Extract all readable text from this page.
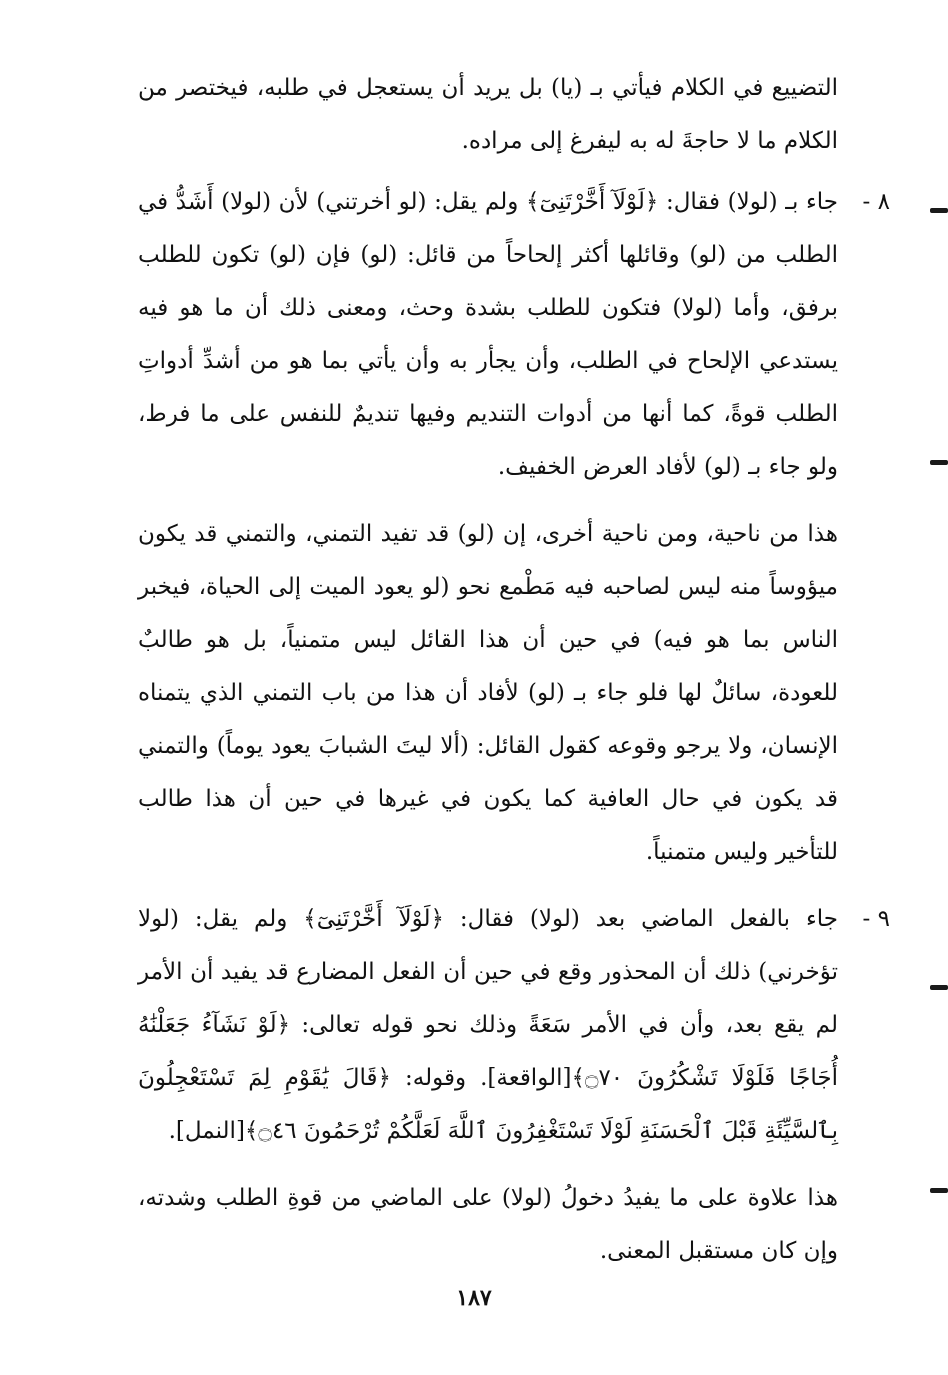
التضييع في الكلام فيأتي بـ (يا) بل يريد أن يستعجل في طلبه، فيختصر من الكلام ما لا حاجةَ له به ليفرغ إلى مراده.

٨ -

جاء بـ (لولا) فقال: ﴿لَوْلَآ أَخَّرْتَنِىٓ﴾ ولم يقل: (لو أخرتني) لأن (لولا) أَشَدُّ في الطلب من (لو) وقائلها أكثر إلحاحاً من قائل: (لو) فإن (لو) تكون للطلب برفق، وأما (لولا) فتكون للطلب بشدة وحث، ومعنى ذلك أن ما هو فيه يستدعي الإلحاح في الطلب، وأن يجأر به وأن يأتي بما هو من أشدِّ أدواتِ الطلب قوةً، كما أنها من أدوات التنديم وفيها تنديمٌ للنفس على ما فرط، ولو جاء بـ (لو) لأفاد العرض الخفيف.

هذا من ناحية، ومن ناحية أخرى، إن (لو) قد تفيد التمني، والتمني قد يكون ميؤوساً منه ليس لصاحبه فيه مَطْمع نحو (لو يعود الميت إلى الحياة، فيخبر الناس بما هو فيه) في حين أن هذا القائل ليس متمنياً، بل هو طالبٌ للعودة، سائلٌ لها فلو جاء بـ (لو) لأفاد أن هذا من باب التمني الذي يتمناه الإنسان، ولا يرجو وقوعه كقول القائل: (ألا ليتَ الشبابَ يعود يوماً) والتمني قد يكون في حال العافية كما يكون في غيرها في حين أن هذا طالب للتأخير وليس متمنياً.

٩ -

جاء بالفعل الماضي بعد (لولا) فقال: ﴿لَوْلَآ أَخَّرْتَنِىٓ﴾ ولم يقل: (لولا تؤخرني) ذلك أن المحذور وقع في حين أن الفعل المضارع قد يفيد أن الأمر لم يقع بعد، وأن في الأمر سَعَةً وذلك نحو قوله تعالى: ﴿لَوْ نَشَآءُ جَعَلْنَٰهُ أُجَاجًا فَلَوْلَا تَشْكُرُونَ ۝٧٠﴾[الواقعة]. وقوله: ﴿قَالَ يَٰقَوْمِ لِمَ تَسْتَعْجِلُونَ بِٱلسَّيِّئَةِ قَبْلَ ٱلْحَسَنَةِ لَوْلَا تَسْتَغْفِرُونَ ٱللَّهَ لَعَلَّكُمْ تُرْحَمُونَ ۝٤٦﴾[النمل].

هذا علاوة على ما يفيدُ دخولُ (لولا) على الماضي من قوةِ الطلب وشدته، وإن كان مستقبل المعنى.

١٨٧
